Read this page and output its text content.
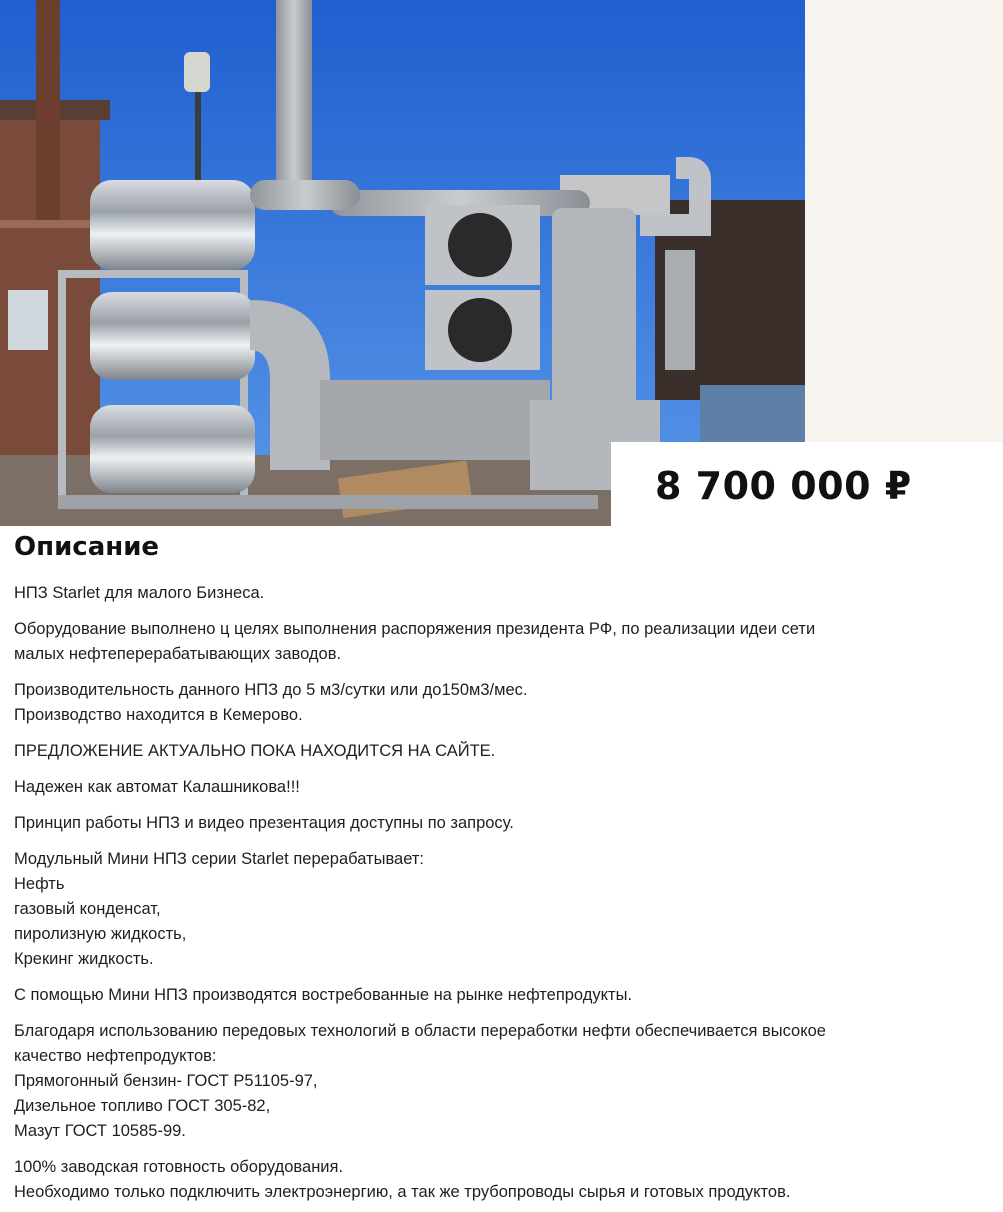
8 700 000 ₽
Описание

НПЗ Starlet для малого Бизнеса.

Оборудование выполнено ц целях выполнения распоряжения президента РФ, по реализации идеи сети
малых нефтеперерабатывающих заводов.

Производительность данного НПЗ до 5 м3/сутки или до150м3/мес.
Производство находится в Кемерово.

ПРЕДЛОЖЕНИЕ АКТУАЛЬНО ПОКА НАХОДИТСЯ НА САЙТЕ.

Надежен как автомат Калашникова!!!

Принцип работы НПЗ и видео презентация доступны по запросу.

Модульный Мини НПЗ серии Starlet перерабатывает:
Нефть
газовый конденсат,
пиролизную жидкость,
Крекинг жидкость.

С помощью Мини НПЗ производятся востребованные на рынке нефтепродукты.

Благодаря использованию передовых технологий в области переработки нефти обеспечивается высокое
качество нефтепродуктов:
Прямогонный бензин- ГОСТ Р51105-97,
Дизельное топливо ГОСТ 305-82,
Мазут ГОСТ 10585-99.

100% заводская готовность оборудования.
Необходимо только подключить электроэнергию, а так же трубопроводы сырья и готовых продуктов.
